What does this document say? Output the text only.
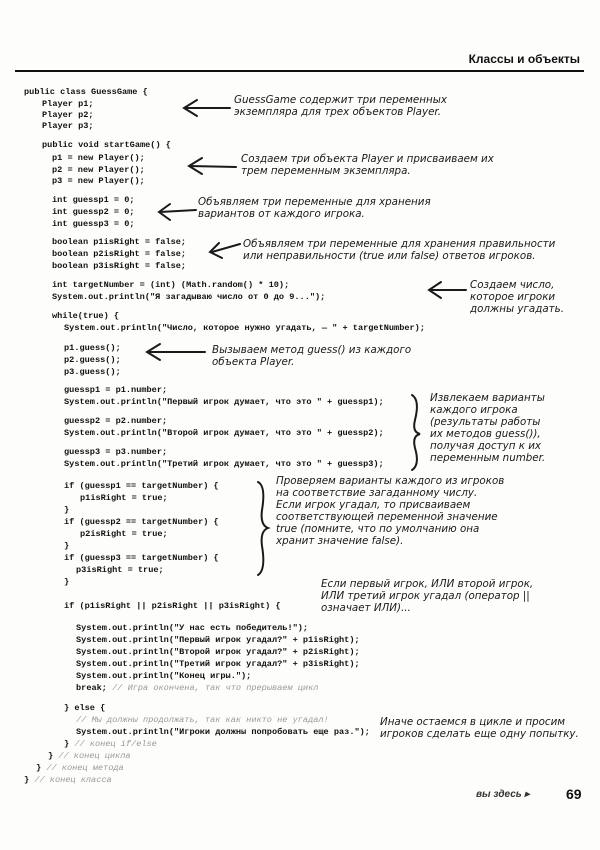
Классы и объекты

public class GuessGame {

Player p1;

Player p2;

Player p3;

public void startGame() {

p1 = new Player();

p2 = new Player();

p3 = new Player();

int guessp1 = 0;

int guessp2 = 0;

int guessp3 = 0;

boolean p1isRight = false;

boolean p2isRight = false;

boolean p3isRight = false;

int targetNumber = (int) (Math.random() * 10);

System.out.println("Я загадываю число от 0 до 9...");

while(true) {

System.out.println("Число, которое нужно угадать, — " + targetNumber);

p1.guess();

p2.guess();

p3.guess();

guessp1 = p1.number;

System.out.println("Первый игрок думает, что это " + guessp1);

guessp2 = p2.number;

System.out.println("Второй игрок думает, что это " + guessp2);

guessp3 = p3.number;

System.out.println("Третий игрок думает, что это " + guessp3);

if (guessp1 == targetNumber) {

p1isRight = true;

}

if (guessp2 == targetNumber) {

p2isRight = true;

}

if (guessp3 == targetNumber) {

p3isRight = true;

}

if (p1isRight || p2isRight || p3isRight) {

System.out.println("У нас есть победитель!");

System.out.println("Первый игрок угадал?" + p1isRight);

System.out.println("Второй игрок угадал?" + p2isRight);

System.out.println("Третий игрок угадал?" + p3isRight);

System.out.println("Конец игры.");

break; // Игра окончена, так что прерываем цикл

} else {

// Мы должны продолжать, так как никто не угадал!

System.out.println("Игроки должны попробовать еще раз.");

} // конец if/else

} // конец цикла

} // конец метода

} // конец класса

GuessGame содержит три переменных
экземпляра для трех объектов Player.
Создаем три объекта Player и присваиваем их
трем переменным экземпляра.
Объявляем три переменные для хранения
вариантов от каждого игрока.
Объявляем три переменные для хранения правильности
или неправильности (true или false) ответов игроков.
Создаем число,
которое игроки
должны угадать.
Вызываем метод guess() из каждого
объекта Player.
Извлекаем варианты
каждого игрока
(результаты работы
их методов guess()),
получая доступ к их
переменным number.
Проверяем варианты каждого из игроков
на соответствие загаданному числу.
Если игрок угадал, то присваиваем
соответствующей переменной значение
true (помните, что по умолчанию она
хранит значение false).
Если первый игрок, ИЛИ второй игрок,
ИЛИ третий игрок угадал (оператор ||
означает ИЛИ)...
Иначе остаемся в цикле и просим
игроков сделать еще одну попытку.
вы здесь ▸	69
